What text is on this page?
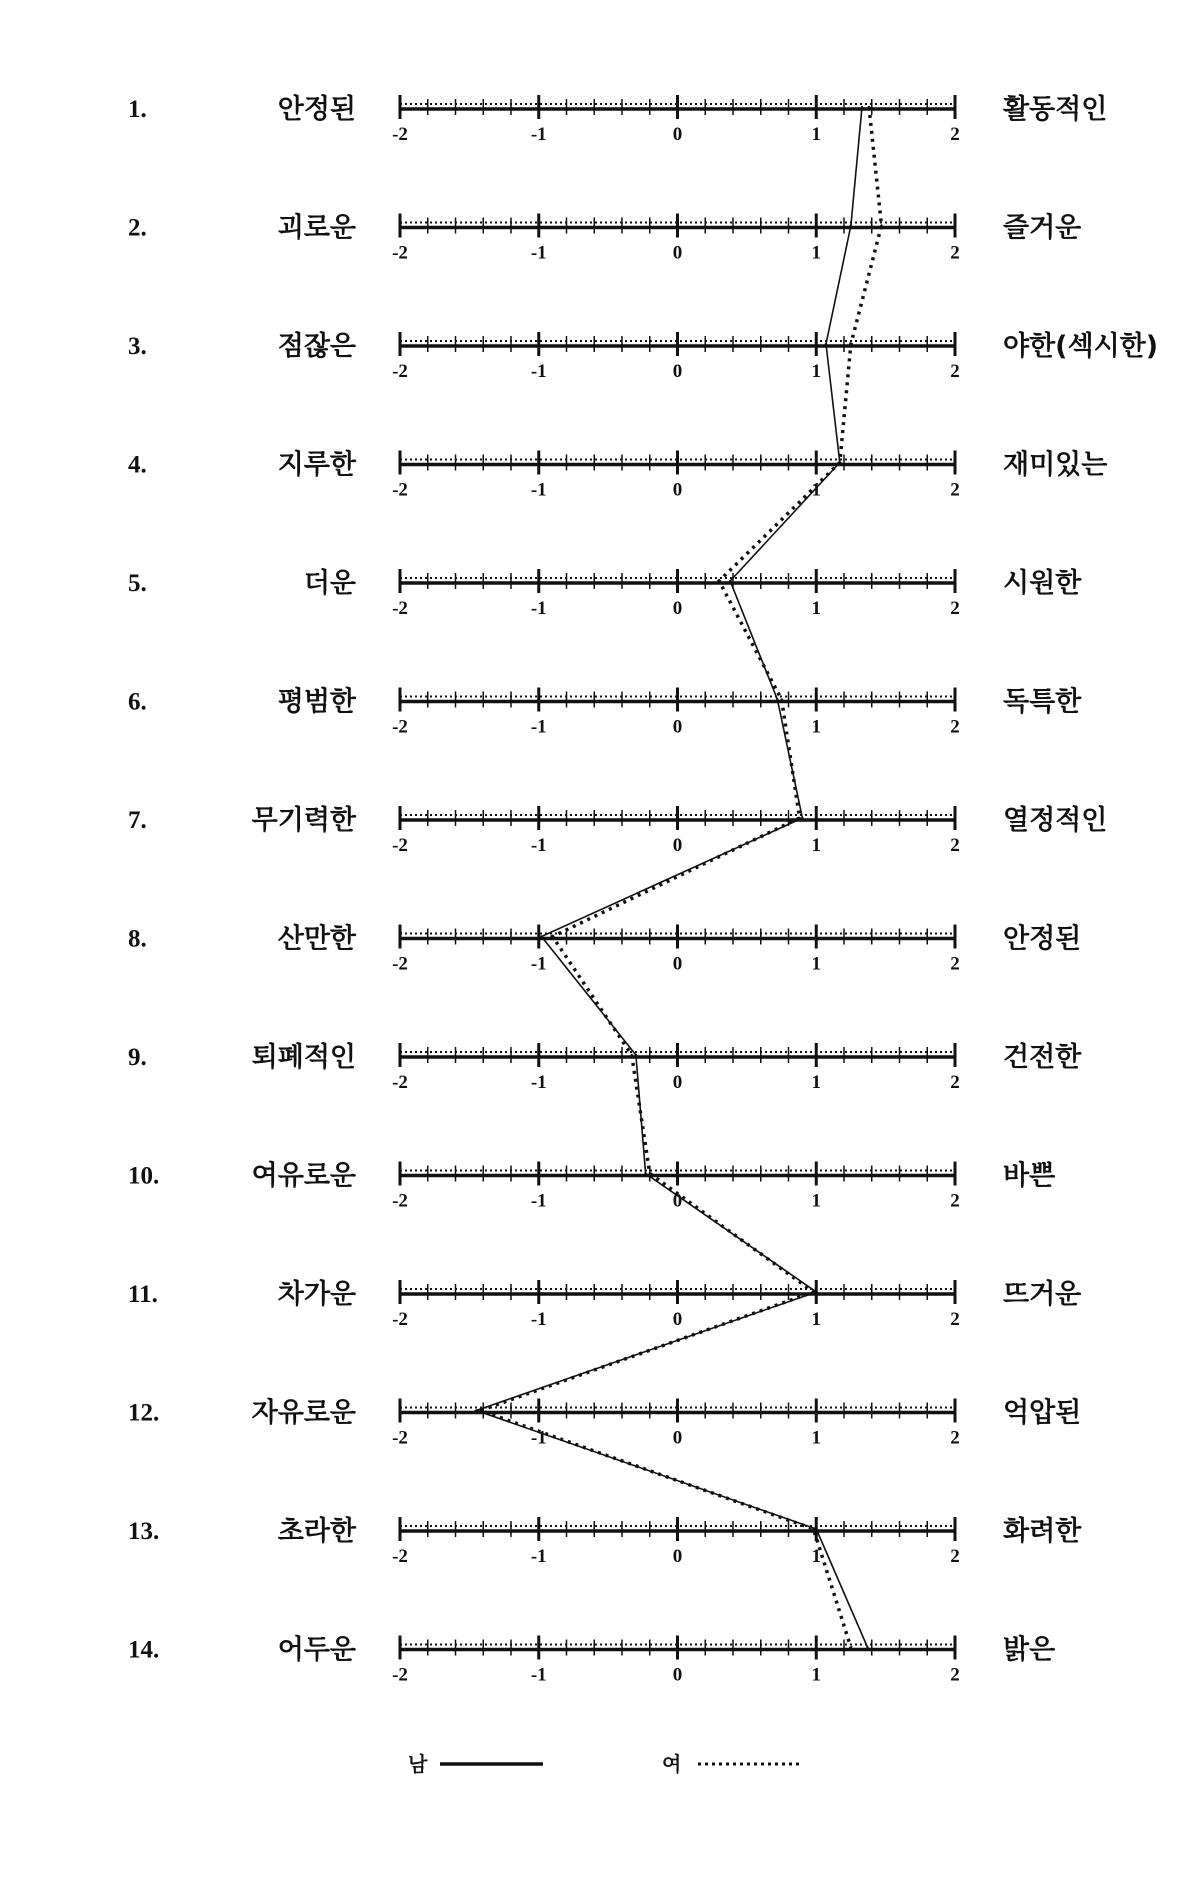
1.	안정된	활동적인
-2	-1	0	1	2
2.	괴로운	즐거운
-2	-1	0	1	2
3.	점잖은	야한(섹시한)
-2	-1	0	1	2
4.	지루한	재미있는
-2	-1	0	1	2
5.	더운	시원한
-2	-1	0	1	2
6.	평범한	독특한
-2	-1	0	1	2
7.	무기력한	열정적인
-2	-1	0	1	2
8.	산만한	안정된
-2	-1	0	1	2
9.	퇴폐적인	건전한
-2	-1	0	1	2
10.	여유로운	바쁜
-2	-1	0	1	2
11.	차가운	뜨거운
-2	-1	0	1	2
12.	자유로운	억압된
-2	-1	0	1	2
13.	초라한	화려한
-2	-1	0	1	2
14.	어두운	밝은
-2	-1	0	1	2
남	여
